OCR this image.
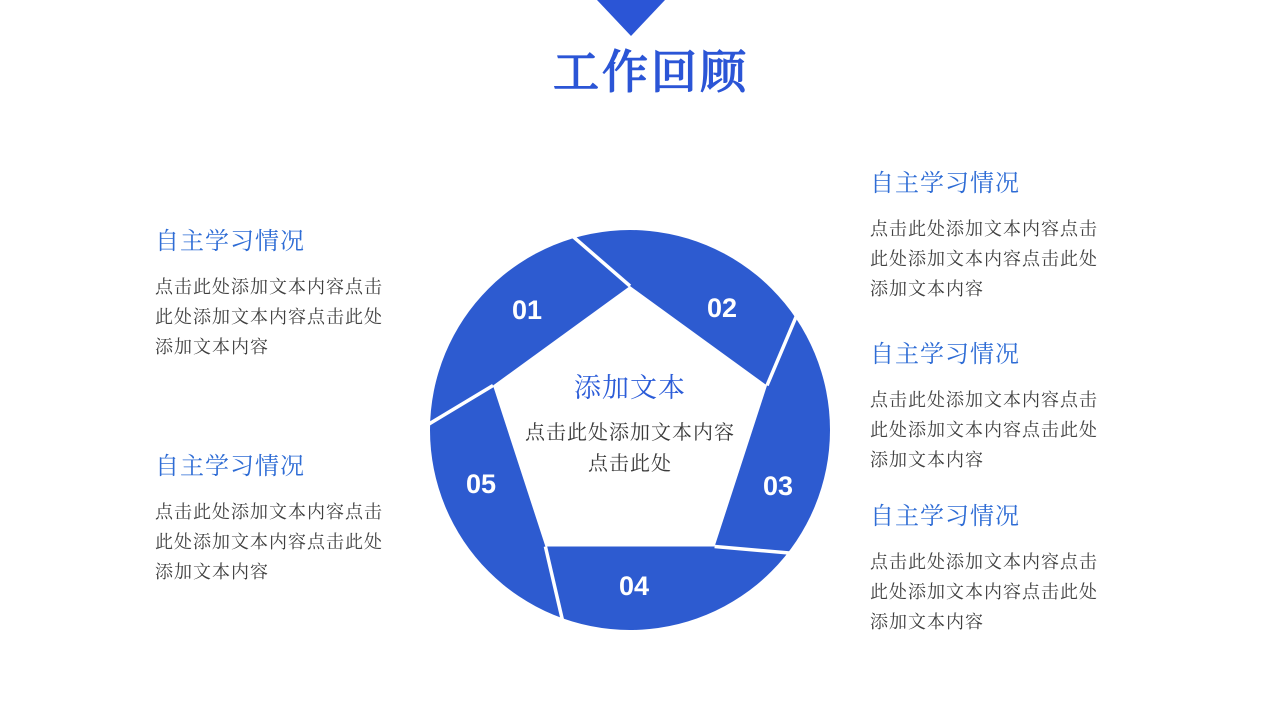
工作回顾
自主学习情况

点击此处添加文本内容点击

此处添加文本内容点击此处

添加文本内容

自主学习情况

点击此处添加文本内容点击

此处添加文本内容点击此处

添加文本内容

自主学习情况

点击此处添加文本内容点击

此处添加文本内容点击此处

添加文本内容

自主学习情况

点击此处添加文本内容点击

此处添加文本内容点击此处

添加文本内容

自主学习情况

点击此处添加文本内容点击

此处添加文本内容点击此处

添加文本内容

01	02
03
04
05

添加文本

点击此处添加文本内容

点击此处
